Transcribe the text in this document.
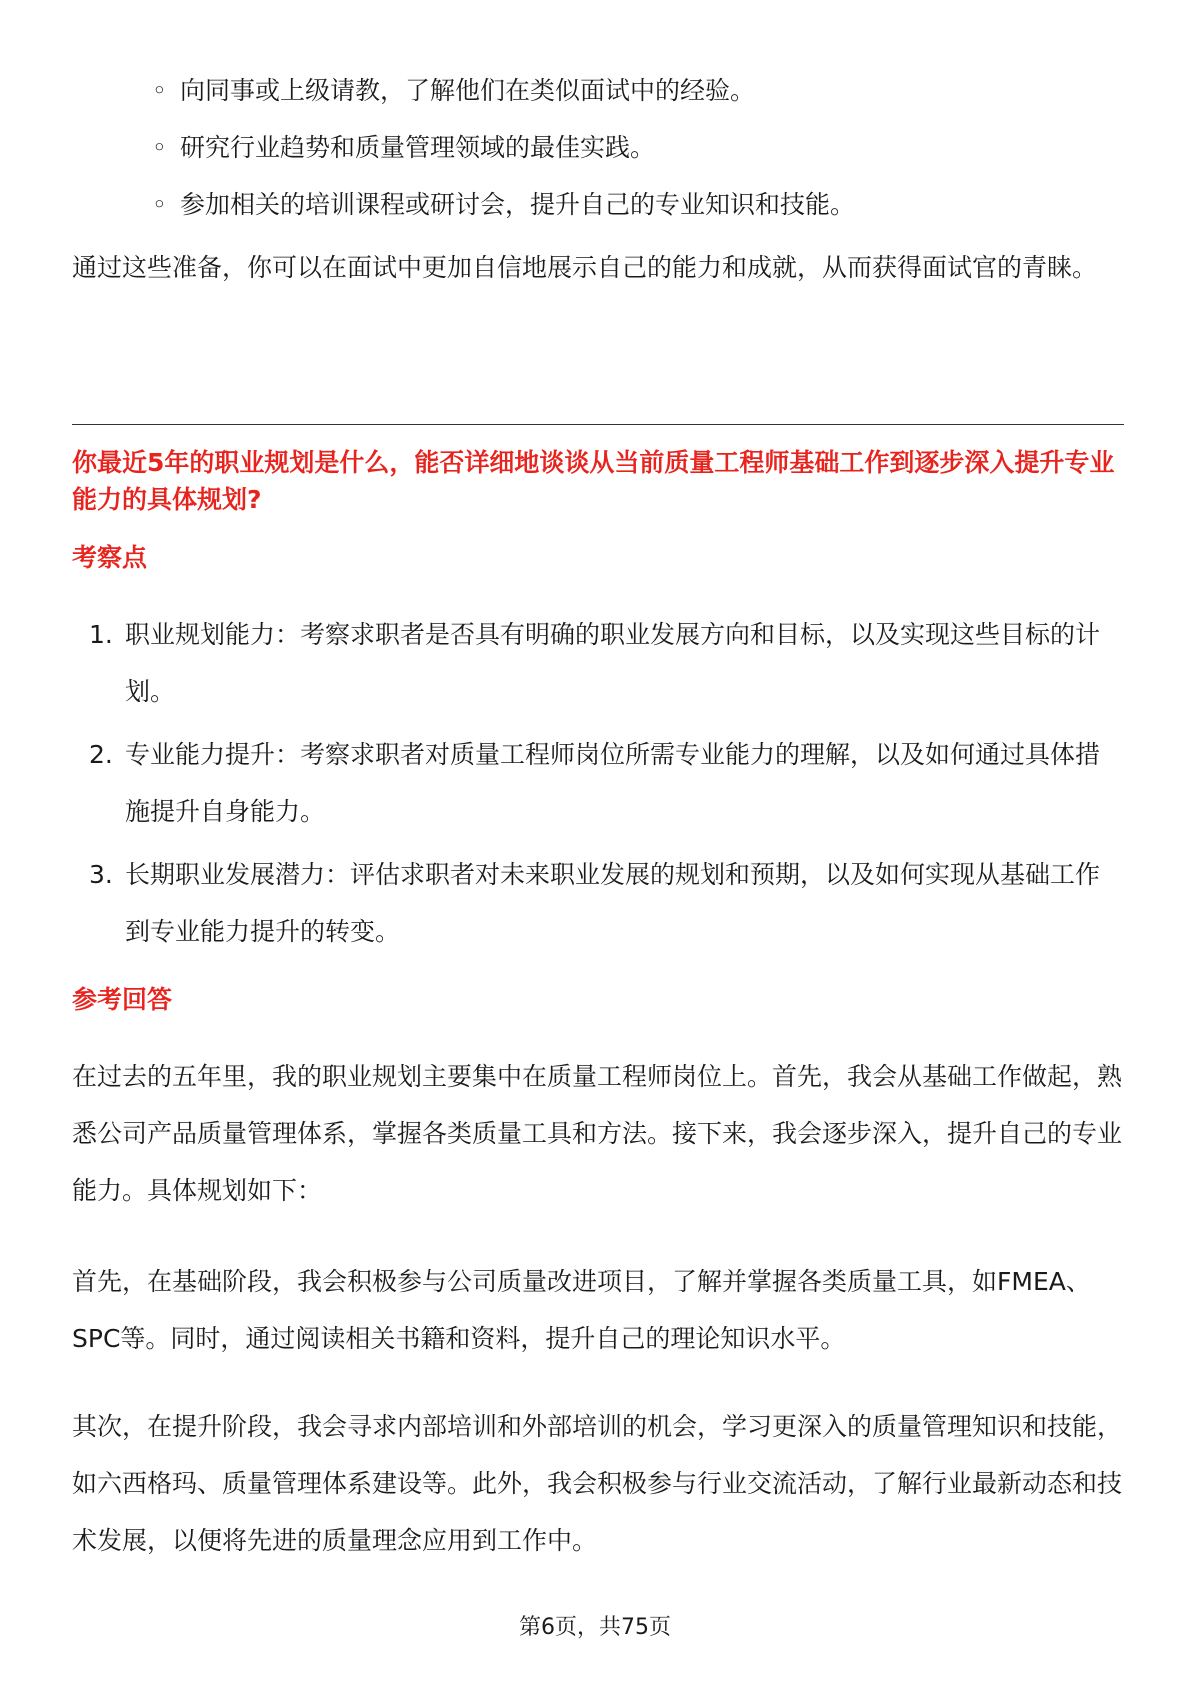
◦ 向同事或上级请教，了解他们在类似面试中的经验。
◦ 研究行业趋势和质量管理领域的最佳实践。
◦ 参加相关的培训课程或研讨会，提升自己的专业知识和技能。

通过这些准备，你可以在面试中更加自信地展示自己的能力和成就，从而获得面试官的青睐。

你最近5年的职业规划是什么，能否详细地谈谈从当前质量工程师基础工作到逐步深入提升专业能力的具体规划?

考察点
1. 职业规划能力：考察求职者是否具有明确的职业发展方向和目标，以及实现这些目标的计划。
2. 专业能力提升：考察求职者对质量工程师岗位所需专业能力的理解，以及如何通过具体措施提升自身能力。
3. 长期职业发展潜力：评估求职者对未来职业发展的规划和预期，以及如何实现从基础工作到专业能力提升的转变。
参考回答

在过去的五年里，我的职业规划主要集中在质量工程师岗位上。首先，我会从基础工作做起，熟悉公司产品质量管理体系，掌握各类质量工具和方法。接下来，我会逐步深入，提升自己的专业能力。具体规划如下：

首先，在基础阶段，我会积极参与公司质量改进项目，了解并掌握各类质量工具，如FMEA、SPC等。同时，通过阅读相关书籍和资料，提升自己的理论知识水平。

其次，在提升阶段，我会寻求内部培训和外部培训的机会，学习更深入的质量管理知识和技能，如六西格玛、质量管理体系建设等。此外，我会积极参与行业交流活动，了解行业最新动态和技术发展，以便将先进的质量理念应用到工作中。

第6页，共75页
